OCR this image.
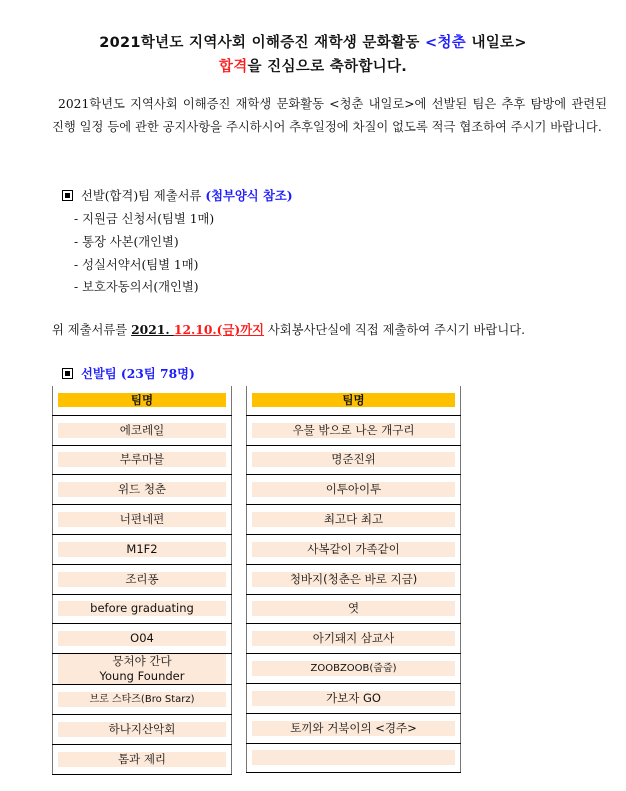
2021학년도 지역사회 이해증진 재학생 문화활동 <청춘 내일로>
합격을 진심으로 축하합니다.
2021학년도 지역사회 이해증진 재학생 문화활동 <청춘 내일로>에 선발된 팀은 추후 탐방에 관련된 진행 일정 등에 관한 공지사항을 주시하시어 추후일정에 차질이 없도록 적극 협조하여 주시기 바랍니다.
선발(합격)팀 제출서류 (첨부양식 참조)
- 지원금 신청서(팀별 1매)
- 통장 사본(개인별)
- 성실서약서(팀별 1매)
- 보호자동의서(개인별)
위 제출서류를 2021. 12.10.(금)까지 사회봉사단실에 직접 제출하여 주시기 바랍니다.
선발팀 (23팀 78명)
팀명

에코레일

부루마블

위드 청춘

너편네편

M1F2

조리퐁

before graduating

O04

뭉쳐야 간다
Young Founder

브로 스타즈(Bro Starz)

하나지산악회

톰과 제리
팀명

우물 밖으로 나온 개구리

명준진위

이투아이투

최고다 최고

사복같이 가족같이

청바지(청춘은 바로 지금)

엿

아기돼지 삼교사

ZOOBZOOB(줍줍)

가보자 GO

토끼와 거북이의 <경주>
